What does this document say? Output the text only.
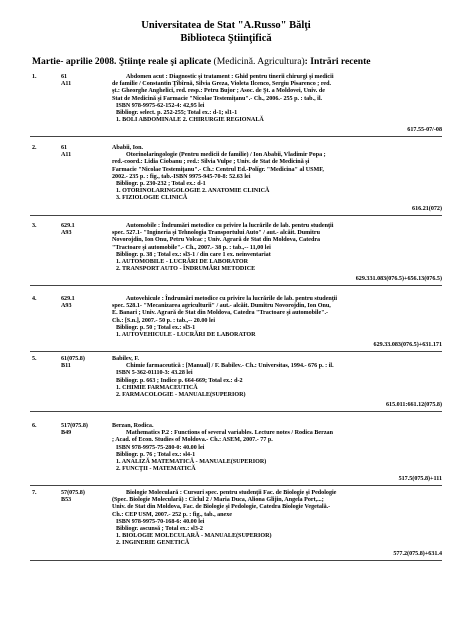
Universitatea de Stat "A.Russo" Bălţi
Biblioteca Ştiinţifică
Martie- aprilie 2008. Ştiinţe reale şi aplicate (Medicină. Agricultura): Intrări recente
1.	61
A11
Abdomen acut : Diagnostic şi tratament : Ghid pentru tinerii chirurgi şi medicii
de familie / Constantin Ţîbîrnă, Silvia Greza, Violeta Ilcenco, Sergiu Pisarenco ; red.
şt.: Gheorghe Anghelici, red. resp.: Petru Bujor ; Asoc. de Şt. a Moldovei, Univ. de
Stat de Medicină şi Farmacie "Nicolae Testemiţanu".- Ch., 2006.- 255 p. : tab., il.
ISBN 978-9975-62-152-4: 42,95 lei
Bibliogr. select. p. 252-255; Total ex.: d-1; sl1-1
1. BOLI ABDOMINALE 2. CHIRURGIE REGIONALĂ
617.55-07/-08
2.	61
A11
Ababii, Ion.
Otorinolaringologie (Pentru medicii de familie) / Ion Ababii, Vladimir Popa ;
red.-coord.: Lidia Ciobanu ; red.: Silvia Vulpe ; Univ. de Stat de Medicină şi
Farmacie "Nicolae Testemiţanu".- Ch.: Centrul Ed.-Polígr. "Medicina" al USMF,
2002.- 235 p. : fig., tab.-ISBN 9975-945-70-8: 52.63 lei
Bibliogr. p. 230-232 ; Total ex.: d-1
1. OTORINOLARINGOLOGIE 2. ANATOMIE CLINICĂ
3. FIZIOLOGIE CLINICĂ
616.21(072)
3.	629.1
A93
Automobile : Îndrumări metodice cu privire la lucrările de lab. pentru studenţii
spec. 527.1- "Ingineria şi Tehnologia Transportului Auto" / aut.- alcăit. Dumitru
Novorojdin, Ion Onu, Petru Volcac ; Univ. Agrară de Stat din Moldova, Catedra
"Tractoare şi automobile".- Ch., 2007.- 38 p. : tab.,-- 11,00 lei
Bibliogr. p. 38 ; Total ex.: sl3-1 / din care 1 ex. neinventariat
1. AUTOMOBILE - LUCRĂRI DE LABORATOR
2. TRANSPORT AUTO - ÎNDRUMĂRI METODICE
629.331.083(076.5)+656.13(076.5)
4.	629.1
A93
Autovehicule : Îndrumări metodice cu privire la lucrările de lab. pentru studenţii
spec. 528.1- "Mecanizarea agriculturii" / aut.- alcăit. Dumitru Novorojdin, Ion Onu,
E. Banari ; Univ. Agrară de Stat din Moldova, Catedra "Tractoare şi automobile".-
Ch.: [S.n.], 2007.- 50 p. : tab.,-- 20.00 lei
Bibliogr. p. 50 ; Total ex.: sl3-1
1. AUTOVEHICULE - LUCRĂRI DE LABORATOR
629.33.083(076.5)+631.171
5.	61(075.8)
B11
Babilev, F.
Chimie farmaceutică : [Manual] / F. Babilev.- Ch.: Universitas, 1994.- 676 p. : il.
ISBN 5-362-01110-3: 43.28 lei
Bibliogr. p. 663 ; Indice p. 664-669; Total ex.: d-2
1. CHIMIE FARMACEUTICĂ
2. FARMACOLOGIE - MANUALE(SUPERIOR)
615.011:661.12(075.8)
6.	517(075.8)
B49
Berzan, Rodica.
Mathematics P.2 : Functions of several variables. Lecture notes / Rodica Berzan
; Acad. of Econ. Studies of Moldova.- Ch.: ASEM, 2007.- 77 p.
ISBN 978-9975-75-280-0: 40.00 lei
Bibliogr. p. 76 ; Total ex.: sl4-1
1. ANALIZĂ MATEMATICĂ - MANUALE(SUPERIOR)
2. FUNCŢII - MATEMATICĂ
517.5(075.8)+111
7.	57(075.8)
B53
Biologie Moleculară : Cursuri spec. pentru studenţii Fac. de Biologie şi Pedologie
(Spec. Biologie Moleculară) : Ciclul 2 / Maria Duca, Aliona Glijin, Angela Port,...;
Univ. de Stat din Moldova, Fac. de Biologie şi Pedologie, Catedra Biologie Vegetală.-
Ch.: CEP USM, 2007.- 252 p. : fig., tab., anexe
ISBN 978-9975-70-168-6: 40.00 lei
Bibliogr. ascunsă ; Total ex.: sl3-2
1. BIOLOGIE MOLECULARĂ - MANUALE(SUPERIOR)
2. INGINERIE GENETICĂ
577.2(075.8)+631.4
